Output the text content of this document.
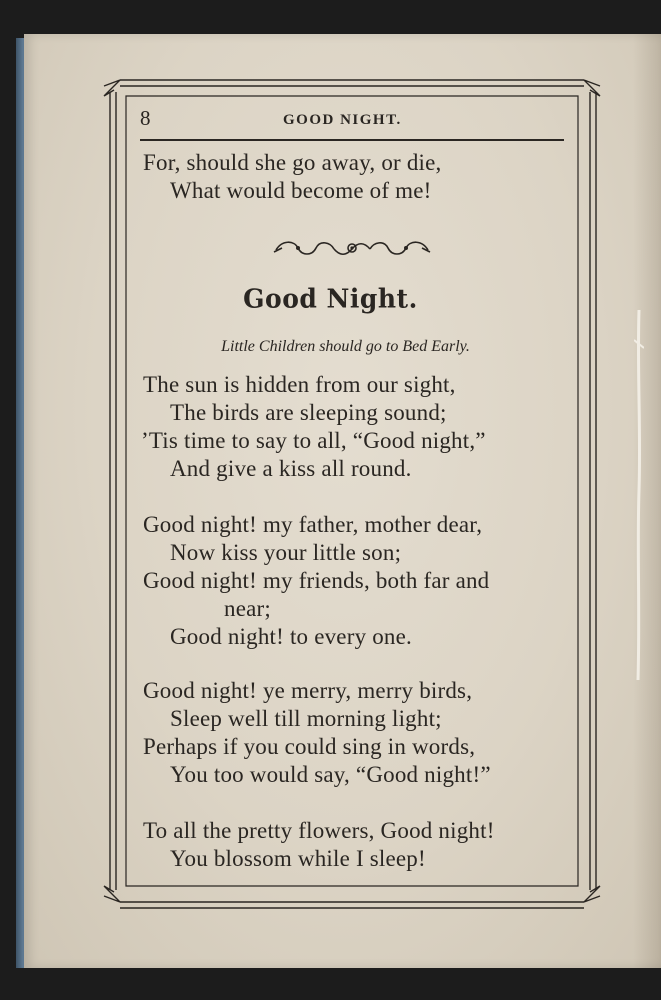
8	GOOD NIGHT.
For, should she go away, or die,
What would become of me!
Good Night.
Little Children should go to Bed Early.
The sun is hidden from our sight,
The birds are sleeping sound;
’Tis time to say to all, “Good night,”
And give a kiss all round.
Good night! my father, mother dear,
Now kiss your little son;
Good night! my friends, both far and
near;
Good night! to every one.
Good night! ye merry, merry birds,
Sleep well till morning light;
Perhaps if you could sing in words,
You too would say, “Good night!”
To all the pretty flowers, Good night!
You blossom while I sleep!
